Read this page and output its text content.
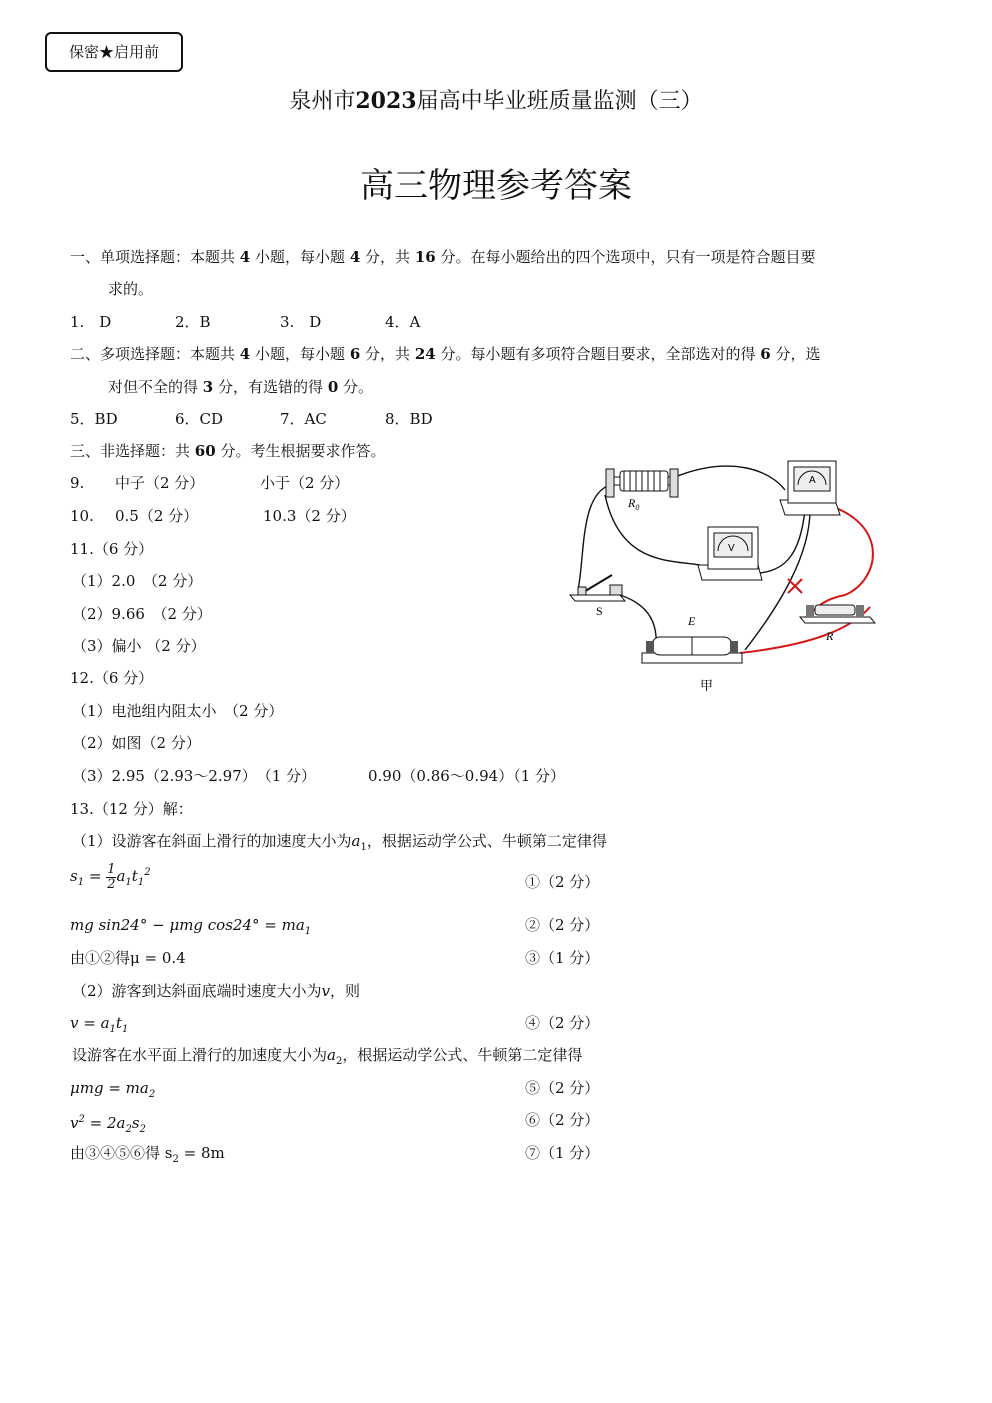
保密★启用前
泉州市2023届高中毕业班质量监测（三）
高三物理参考答案
一、单项选择题：本题共 4 小题，每小题 4 分，共 16 分。在每小题给出的四个选项中，只有一项是符合题目要
求的。
1.　D	2．B	3.　D	4．A
二、多项选择题：本题共 4 小题，每小题 6 分，共 24 分。每小题有多项符合题目要求，全部选对的得 6 分，选
对但不全的得 3 分，有选错的得 0 分。
5．BD	6．CD	7．AC	8．BD
三、非选择题：共 60 分。考生根据要求作答。
9. 中子（2 分）	小于（2 分）
10. 0.5（2 分）	10.3（2 分）
11.（6 分）
（1）2.0　（2 分）
（2）9.66　（2 分）
（3）偏小 （2 分）
12.（6 分）
（1）电池组内阻太小　（2 分）
（2）如图（2 分）
（3）2.95（2.93～2.97）　（1 分）	0.90（0.86～0.94）（1 分）
$R_0$
A
V
S
E
R
甲
13.（12 分）解：
（1）设游客在斜面上滑行的加速度大小为$a_1$，根据运动学公式、牛顿第二定律得
$s_1 = \frac{1}{2} a_1t_1^2$
①（2 分）
mg sin24° − μmg $\cos 24^\circ = ma_1$	②（2 分）
由①②得μ = 0.4	③（1 分）
（2）游客到达斜面底端时速度大小为v，则
$v = a_1t_1$	④（2 分）
设游客在水平面上滑行的加速度大小为$a_2$，根据运动学公式、牛顿第二定律得
$\mu mg = ma_2$	⑤（2 分）
$v^2 = 2a_2s_2$
⑥（2 分）
由③④⑤⑥得 $s_2 = 8m$	⑦（1 分）
